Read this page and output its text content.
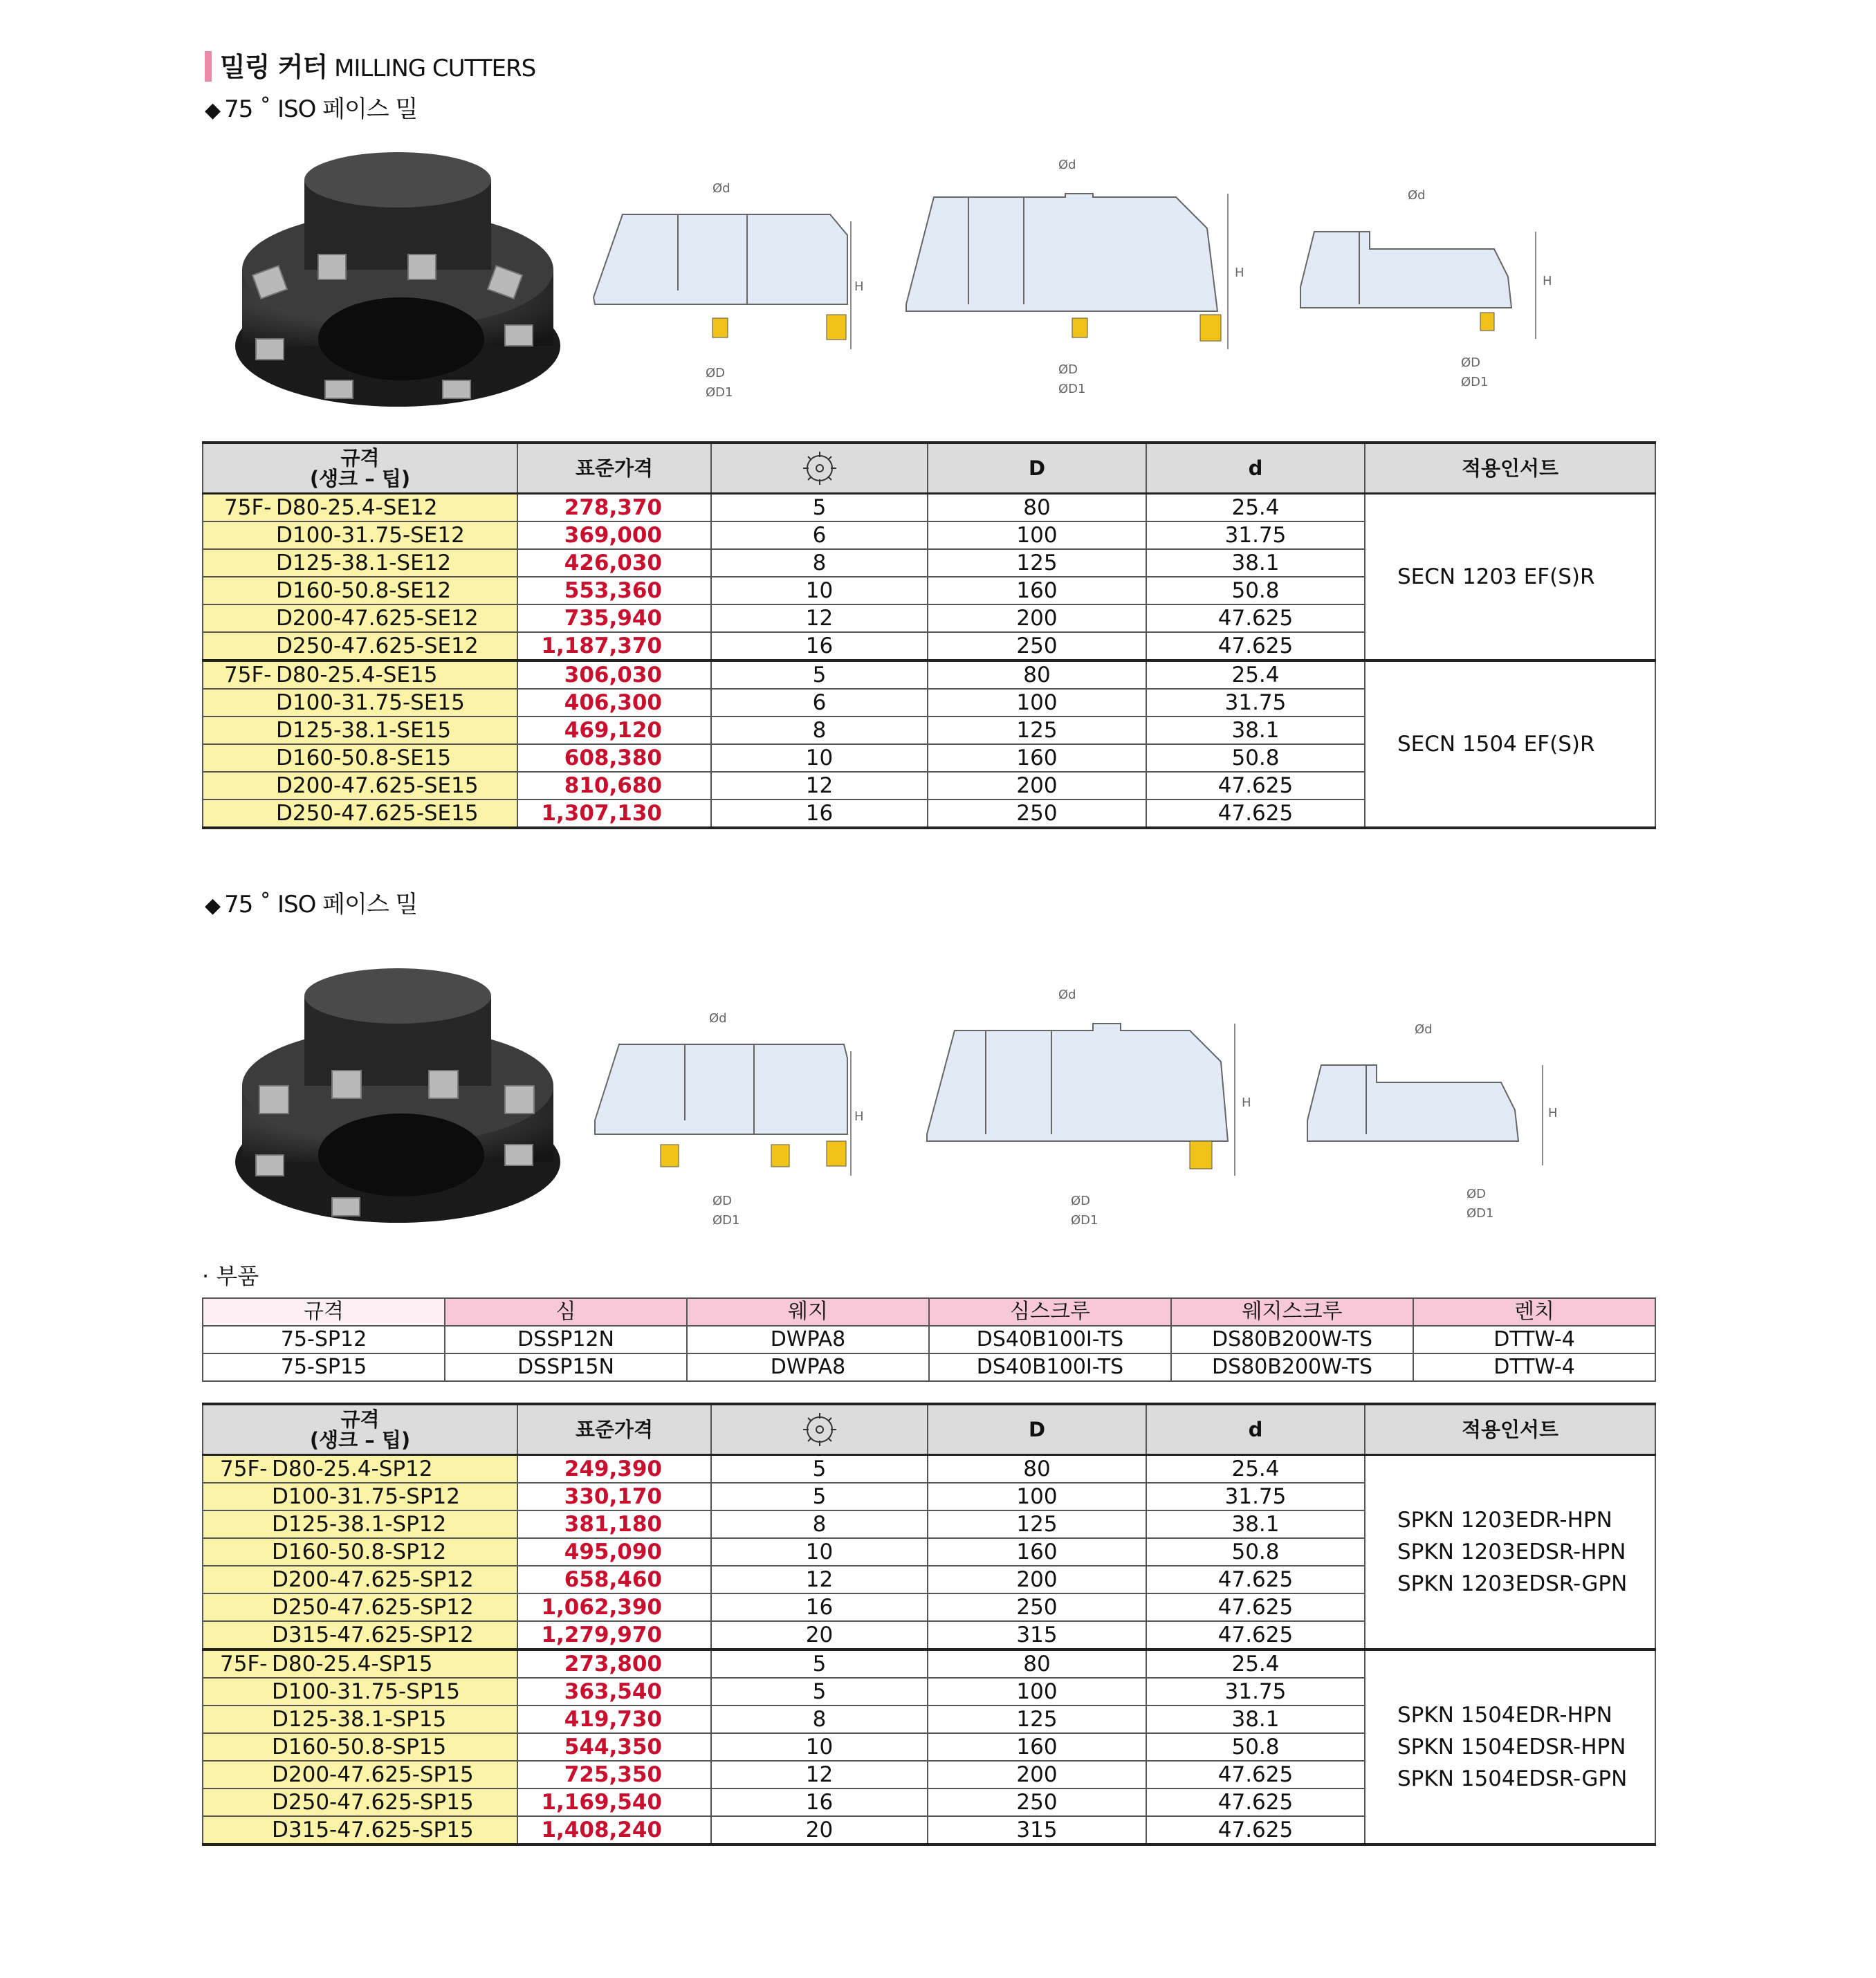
밀링 커터 MILLING CUTTERS
◆ 75 ˚ ISO 페이스 밀
Ød
Ød
Ød
H
H
H
ØD
ØD1
ØD
ØD1
ØD
ØD1
규격
(생크 – 팁)	표준가격		D	d	적용인서트
75F- D80-25.4-SE12	278,370	5	80	25.4	SECN 1203 EF(S)R

D100-31.75-SE12	369,000	6	100	31.75	
D125-38.1-SE12	426,030	8	125	38.1	
D160-50.8-SE12	553,360	10	160	50.8	
D200-47.625-SE12	735,940	12	200	47.625	
D250-47.625-SE12	1,187,370	16	250	47.625	
75F- D80-25.4-SE15	306,030	5	80	25.4	SECN 1504 EF(S)R

D100-31.75-SE15	406,300	6	100	31.75	
D125-38.1-SE15	469,120	8	125	38.1	
D160-50.8-SE15	608,380	10	160	50.8	
D200-47.625-SE15	810,680	12	200	47.625	
D250-47.625-SE15	1,307,130	16	250	47.625	
◆ 75 ˚ ISO 페이스 밀
Ød
Ød
Ød
H
H
H
ØD
ØD1
ØD
ØD1
ØD
ØD1
· 부품
규격	심	웨지	심스크루	웨지스크루	렌치
75-SP12	DSSP12N	DWPA8	DS40B100I-TS	DS80B200W-TS	DTTW-4
75-SP15	DSSP15N	DWPA8	DS40B100I-TS	DS80B200W-TS	DTTW-4
규격
(생크 – 팁)	표준가격		D	d	적용인서트
75F- D80-25.4-SP12	249,390	5	80	25.4	SPKN 1203EDR-HPN
SPKN 1203EDSR-HPN
SPKN 1203EDSR-GPN

D100-31.75-SP12	330,170	5	100	31.75	
D125-38.1-SP12	381,180	8	125	38.1	
D160-50.8-SP12	495,090	10	160	50.8	
D200-47.625-SP12	658,460	12	200	47.625	
D250-47.625-SP12	1,062,390	16	250	47.625	
D315-47.625-SP12	1,279,970	20	315	47.625	
75F- D80-25.4-SP15	273,800	5	80	25.4	SPKN 1504EDR-HPN
SPKN 1504EDSR-HPN
SPKN 1504EDSR-GPN

D100-31.75-SP15	363,540	5	100	31.75	
D125-38.1-SP15	419,730	8	125	38.1	
D160-50.8-SP15	544,350	10	160	50.8	
D200-47.625-SP15	725,350	12	200	47.625	
D250-47.625-SP15	1,169,540	16	250	47.625	
D315-47.625-SP15	1,408,240	20	315	47.625	
